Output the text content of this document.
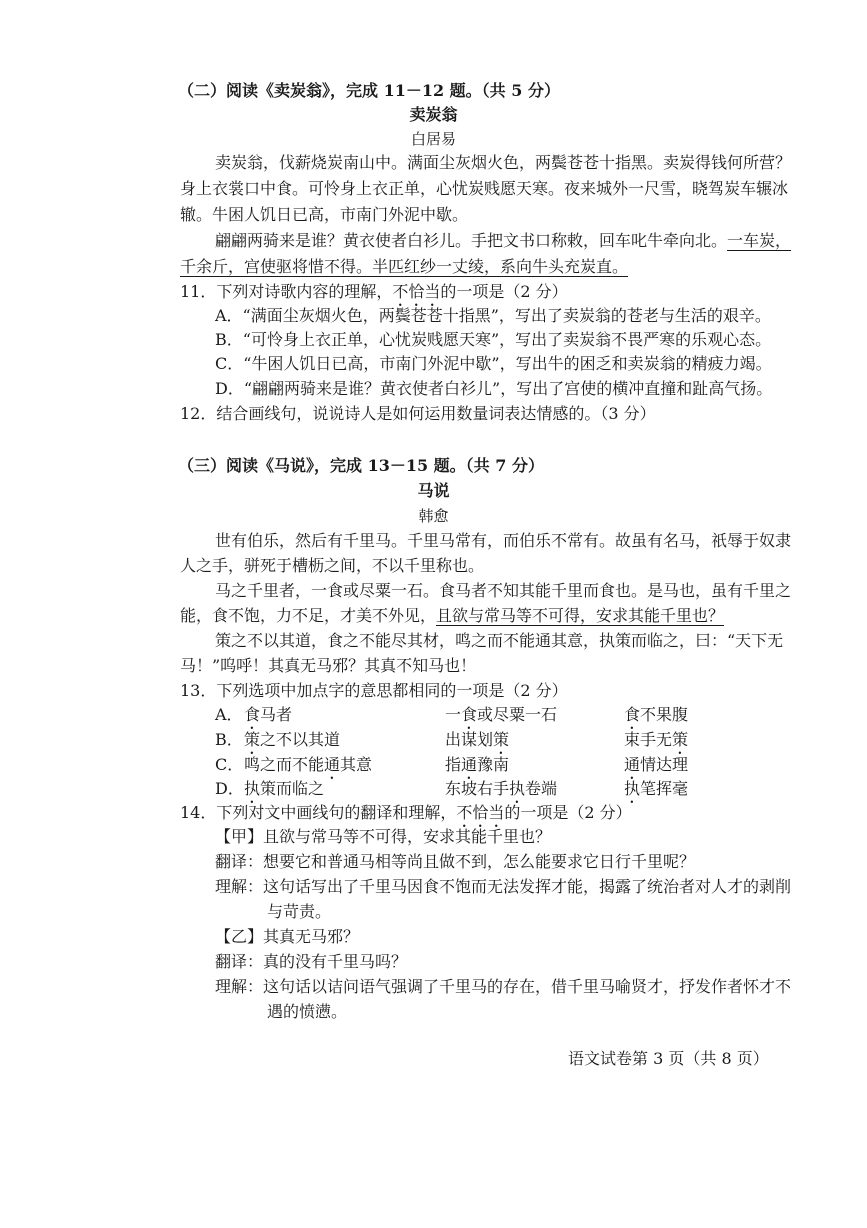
（二）阅读《卖炭翁》，完成 11－12 题。（共 5 分）
卖炭翁
白居易
卖炭翁，伐薪烧炭南山中。满面尘灰烟火色，两鬓苍苍十指黑。卖炭得钱何所营？
身上衣裳口中食。可怜身上衣正单，心忧炭贱愿天寒。夜来城外一尺雪，晓驾炭车辗冰
辙。牛困人饥日已高，市南门外泥中歇。
翩翩两骑来是谁？黄衣使者白衫儿。手把文书口称敕，回车叱牛牵向北。一车炭，
千余斤，宫使驱将惜不得。半匹红纱一丈绫，系向牛头充炭直。
11．下列对诗歌内容的理解，不恰当的一项是（2 分）
A．“满面尘灰烟火色，两鬓苍苍十指黑”，写出了卖炭翁的苍老与生活的艰辛。
B．“可怜身上衣正单，心忧炭贱愿天寒”，写出了卖炭翁不畏严寒的乐观心态。
C．“牛困人饥日已高，市南门外泥中歇”，写出牛的困乏和卖炭翁的精疲力竭。
D．“翩翩两骑来是谁？黄衣使者白衫儿”，写出了宫使的横冲直撞和趾高气扬。
12．结合画线句，说说诗人是如何运用数量词表达情感的。（3 分）
（三）阅读《马说》，完成 13－15 题。（共 7 分）
马说
韩愈
世有伯乐，然后有千里马。千里马常有，而伯乐不常有。故虽有名马，祇辱于奴隶
人之手，骈死于槽枥之间，不以千里称也。
马之千里者，一食或尽粟一石。食马者不知其能千里而食也。是马也，虽有千里之
能，食不饱，力不足，才美不外见，且欲与常马等不可得，安求其能千里也？
策之不以其道，食之不能尽其材，鸣之而不能通其意，执策而临之，曰：“天下无
马！”呜呼！其真无马邪？其真不知马也！
13．下列选项中加点字的意思都相同的一项是（2 分）
A． 食马者	一食或尽粟一石	食不果腹
B． 策之不以其道	出谋划策	束手无策
C． 鸣之而不能通其意	指通豫南	通情达理
D． 执策而临之	东坡右手执卷端	执笔挥毫
14．下列对文中画线句的翻译和理解，不恰当的一项是（2 分）
【甲】且欲与常马等不可得，安求其能千里也？
翻译：想要它和普通马相等尚且做不到，怎么能要求它日行千里呢？
理解：这句话写出了千里马因食不饱而无法发挥才能，揭露了统治者对人才的剥削
与苛责。
【乙】其真无马邪？
翻译：真的没有千里马吗？
理解：这句话以诘问语气强调了千里马的存在，借千里马喻贤才，抒发作者怀才不
遇的愤懑。
语文试卷第 3 页（共 8 页）
